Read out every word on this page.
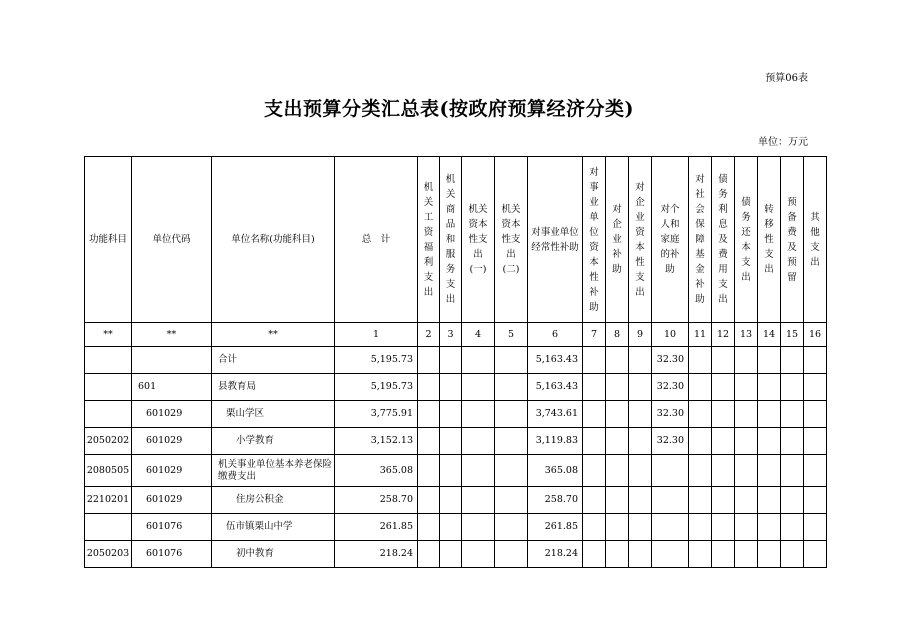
预算06表
支出预算分类汇总表(按政府预算经济分类)
单位：万元
功能科目	单位代码	单位名称(功能科目)	总　计	机关工资福利支出	机关商品和服务支出	机关资本性支出(一)	机关资本性支出(二)	对事业单位经常性补助	对事业单位资本性补助	对企业补助	对企业资本性支出	对个人和家庭的补助	对社会保障基金补助	债务利息及费用支出	债务还本支出	转移性支出	预备费及预留	其他支出
**	**	**	1	2	3	4	5	6	7	8	9	10	11	12	13	14	15	16
		合计	5,195.73					5,163.43				32.30						
	601	县教育局	5,195.73					5,163.43				32.30						
	601029	栗山学区	3,775.91					3,743.61				32.30						
2050202	601029	小学教育	3,152.13					3,119.83				32.30						
2080505	601029	机关事业单位基本养老保险缴费支出	365.08					365.08										
2210201	601029	住房公积金	258.70					258.70										
	601076	伍市镇栗山中学	261.85					261.85										
2050203	601076	初中教育	218.24					218.24										
